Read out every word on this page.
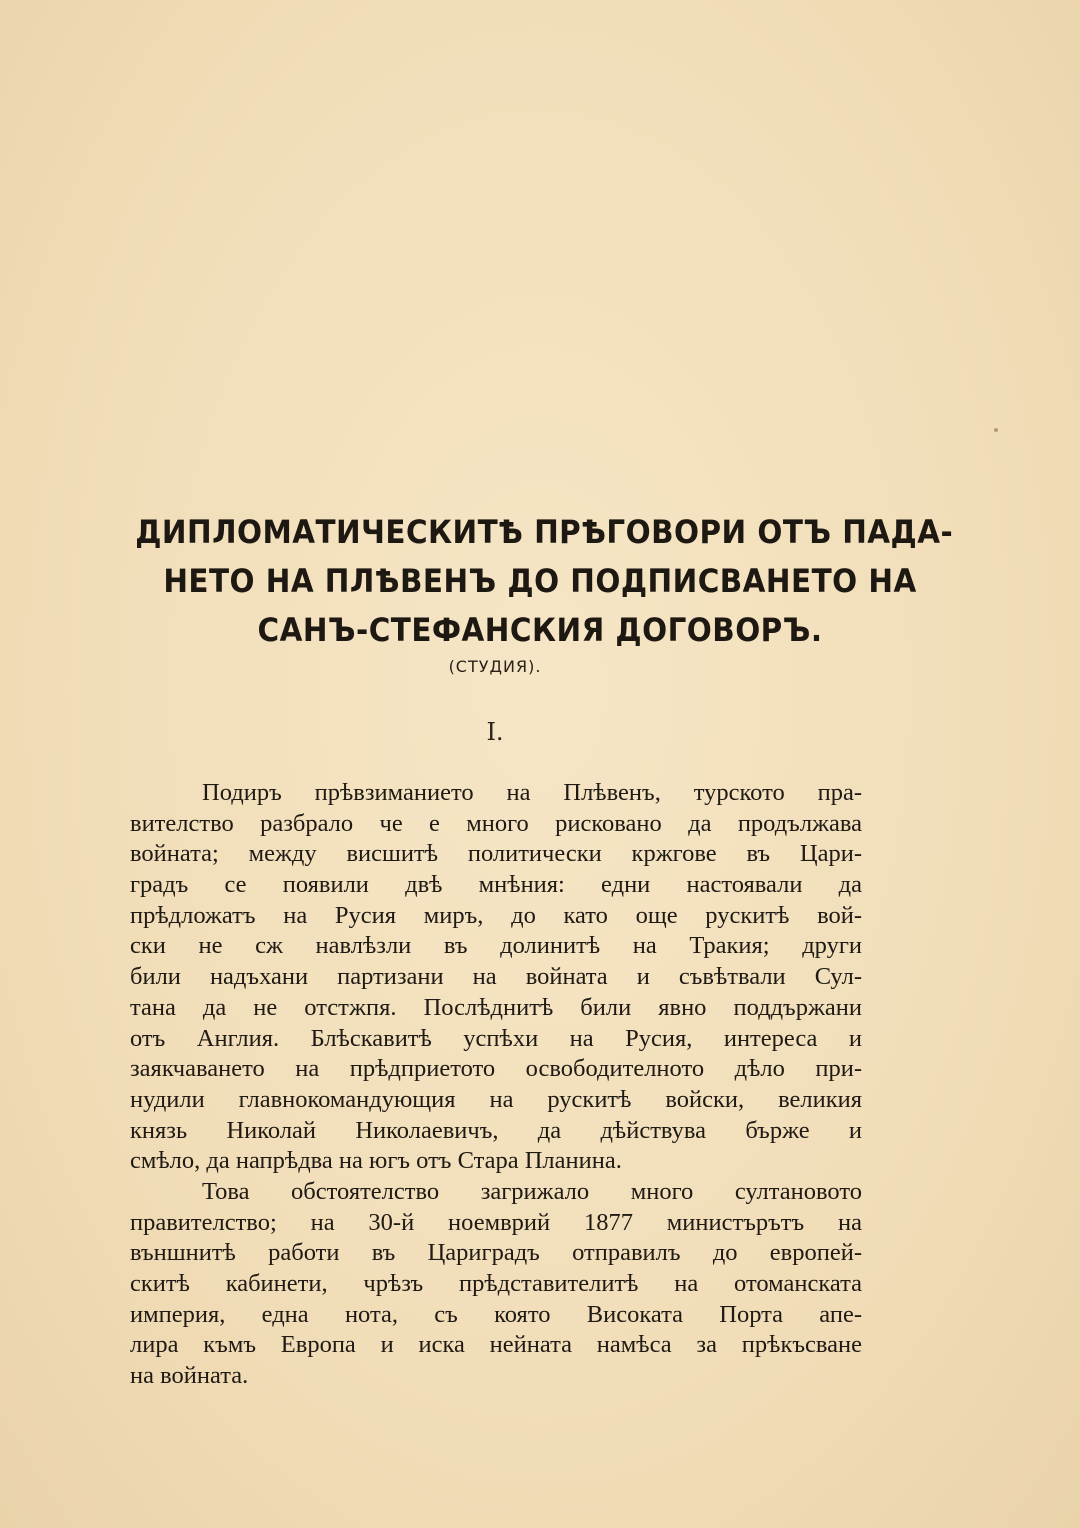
ДИПЛОМАТИЧЕСКИТѢ ПРѢГОВОРИ ОТЪ ПАДА-
НЕТО НА ПЛѢВЕНЪ ДО ПОДПИСВАНЕТО НА
САНЪ-СТЕФАНСКИЯ ДОГОВОРЪ.
(СТУДИЯ).
I.
Подиръ прѣвзиманието на Плѣвенъ, турското пра-
вителство разбрало че е много рисковано да продължава
войната; между висшитѣ политически кржгове въ Цари-
градъ се появили двѣ мнѣния: едни настоявали да
прѣдложатъ на Русия миръ, до като още рускитѣ вой-
ски не сж навлѣзли въ долинитѣ на Тракия; други
били надъхани партизани на войната и съвѣтвали Сул-
тана да не отстжпя. Послѣднитѣ били явно поддържани
отъ Англия. Блѣскавитѣ успѣхи на Русия, интереса и
заякчаването на прѣдприетото освободителното дѣло при-
нудили главнокомандующия на рускитѣ войски, великия
князь Николай Николаевичъ, да дѣйствува бърже и
смѣло, да напрѣдва на югъ отъ Стара Планина.
Това обстоятелство загрижало много султановото
правителство; на 30-й ноемврий 1877 министърътъ на
външнитѣ работи въ Цариградъ отправилъ до европей-
скитѣ кабинети, чрѣзъ прѣдставителитѣ на отоманската
империя, една нота, съ която Високата Порта апе-
лира къмъ Европа и иска нейната намѣса за прѣкъсване
на войната.
